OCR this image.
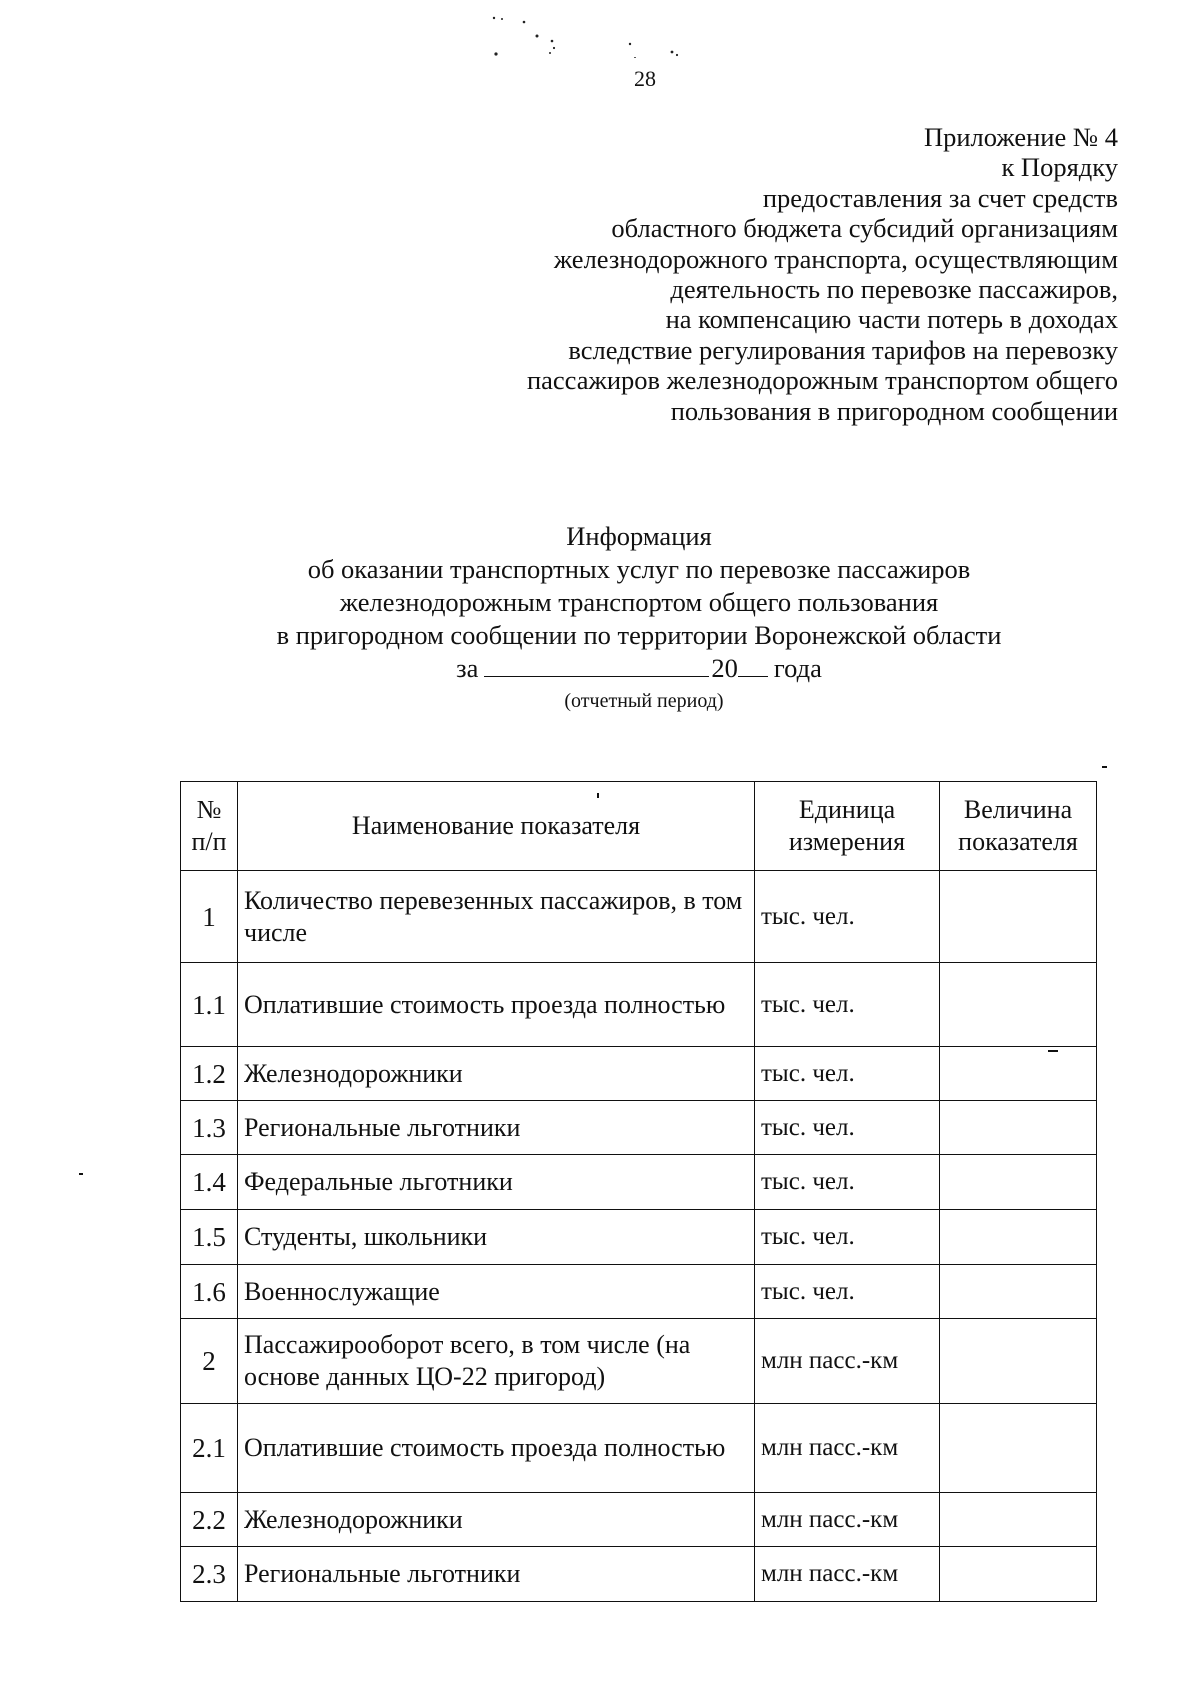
28
Приложение № 4
к Порядку
предоставления за счет средств
областного бюджета субсидий организациям
железнодорожного транспорта, осуществляющим
деятельность по перевозке пассажиров,
на компенсацию части потерь в доходах
вследствие регулирования тарифов на перевозку
пассажиров железнодорожным транспортом общего
пользования в пригородном сообщении
Информация
об оказании транспортных услуг по перевозке пассажиров
железнодорожным транспортом общего пользования
в пригородном сообщении по территории Воронежской области
за	20 года
(отчетный период)
№ п/п	Наименование показателя	Единица измерения	Величина показателя
1	Количество перевезенных пассажиров, в том числе	тыс. чел.	
1.1	Оплатившие стоимость проезда полностью	тыс. чел.	
1.2	Железнодорожники	тыс. чел.	
1.3	Региональные льготники	тыс. чел.	
1.4	Федеральные льготники	тыс. чел.	
1.5	Студенты, школьники	тыс. чел.	
1.6	Военнослужащие	тыс. чел.	
2	Пассажирооборот всего, в том числе (на основе данных ЦО-22 пригород)	млн пасс.-км	
2.1	Оплатившие стоимость проезда полностью	млн пасс.-км	
2.2	Железнодорожники	млн пасс.-км	
2.3	Региональные льготники	млн пасс.-км	
